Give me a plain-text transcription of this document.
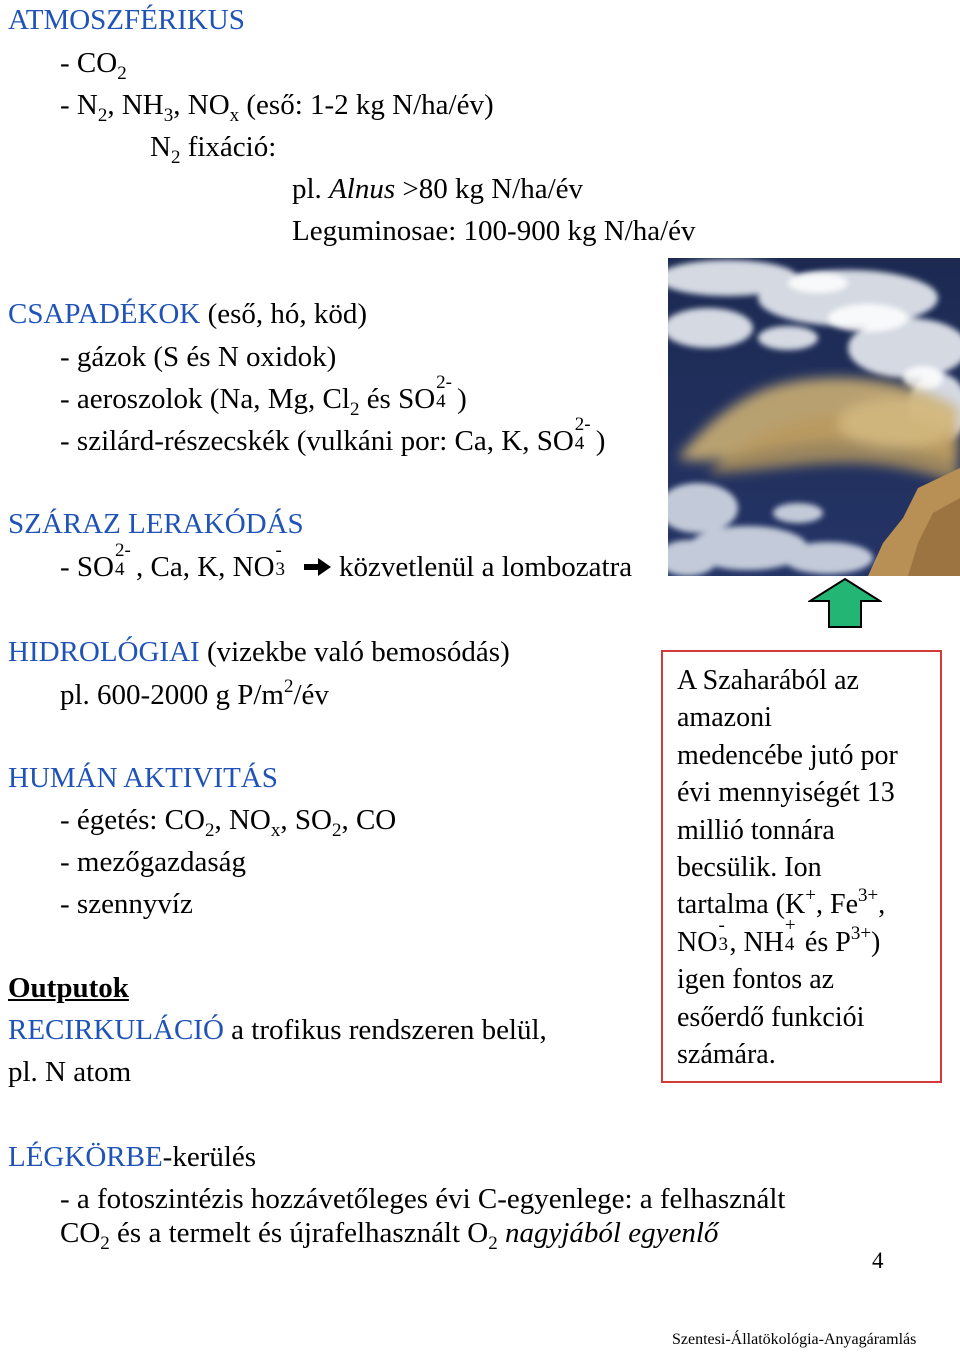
ATMOSZFÉRIKUS
- $CO_2$
- $N_2$, $NH_3$, $NO_x$ (eső: 1-2 kg N/ha/év)
$N_2$ fixáció:
pl. Alnus >80 kg N/ha/év
Leguminosae: 100-900 kg N/ha/év
CSAPADÉKOK (eső, hó, köd)
- gázok (S és N oxidok)
- aeroszolok (Na, Mg, $Cl_2$ és SO
2-
4 )
- szilárd-részecskék (vulkáni por: Ca, K, SO
2-
4 )
SZÁRAZ LERAKÓDÁS
- SO
2-
4 , Ca, K, NO
-
3 közvetlenül a lombozatra
HIDROLÓGIAI (vizekbe való bemosódás)
pl. 600-2000 g $P/m^2/év$	A Szaharából az
amazoni
medencébe jutó por
évi mennyiségét 13
millió tonnára
becsülik. Ion
tartalma (K+, $Fe^{3+}$,
NO
-
3 , NH
+
4 és $P^{3+}$)
igen fontos az
esőerdő funkciói
számára.
HUMÁN AKTIVITÁS
- égetés: $CO_2$, $NO_x$, $SO_2$, CO
- mezőgazdaság
- szennyvíz
Outputok
RECIRKULÁCIÓ a trofikus rendszeren belül,
pl. N atom
LÉGKÖRBE-kerülés
- a fotoszintézis hozzávetőleges évi C-egyenlege: a felhasznált
$CO_2$ és a termelt és újrafelhasznált $O_2$ nagyjából egyenlő
4
Szentesi-Állatökológia-Anyagáramlás
